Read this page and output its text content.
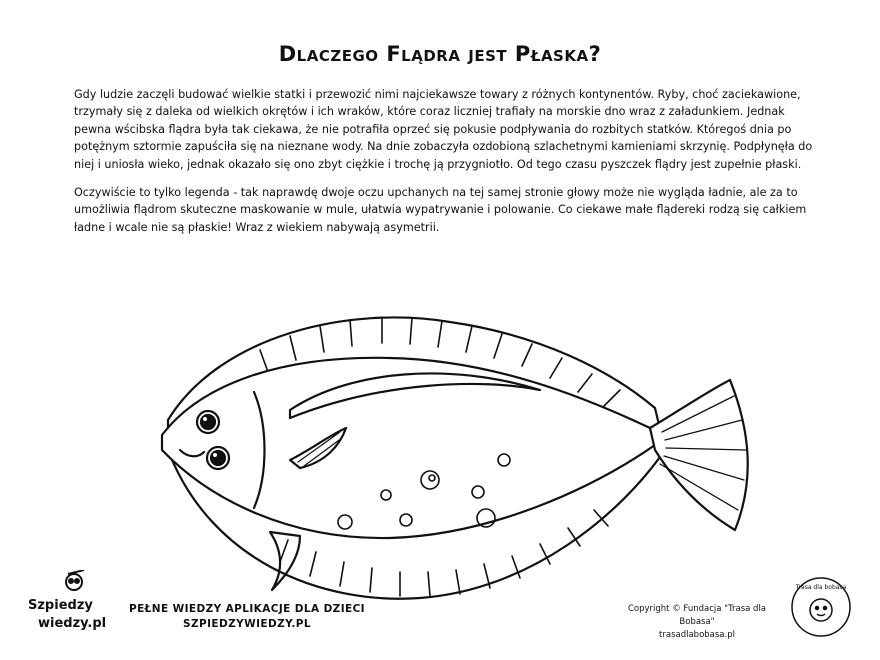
Dlaczego Flądra jest Płaska?

Gdy ludzie zaczęli budować wielkie statki i przewozić nimi najciekawsze towary z różnych kontynentów. Ryby, choć zaciekawione, trzymały się z daleka od wielkich okrętów i ich wraków, które coraz liczniej trafiały na morskie dno wraz z załadunkiem. Jednak pewna wścibska flądra była tak ciekawa, że nie potrafiła oprzeć się pokusie podpływania do rozbitych statków. Któregoś dnia po potężnym sztormie zapuściła się na nieznane wody. Na dnie zobaczyła ozdobioną szlachetnymi kamieniami skrzynię. Podpłynęła do niej i uniosła wieko, jednak okazało się ono zbyt ciężkie i trochę ją przygniotło. Od tego czasu pyszczek flądry jest zupełnie płaski.

Oczywiście to tylko legenda - tak naprawdę dwoje oczu upchanych na tej samej stronie głowy może nie wygląda ładnie, ale za to umożliwia flądrom skuteczne maskowanie w mule, ułatwia wypatrywanie i polowanie. Co ciekawe małe flądereki rodzą się całkiem ładne i wcale nie są płaskie! Wraz z wiekiem nabywają asymetrii.

Szpiedzy
wiedzy.pl
PEŁNE WIEDZY APLIKACJE DLA DZIECI
SZPIEDZYWIEDZY.PL
Copyright © Fundacja "Trasa dla Bobasa"
trasadlabobasa.pl
Trasa dla bobasa
